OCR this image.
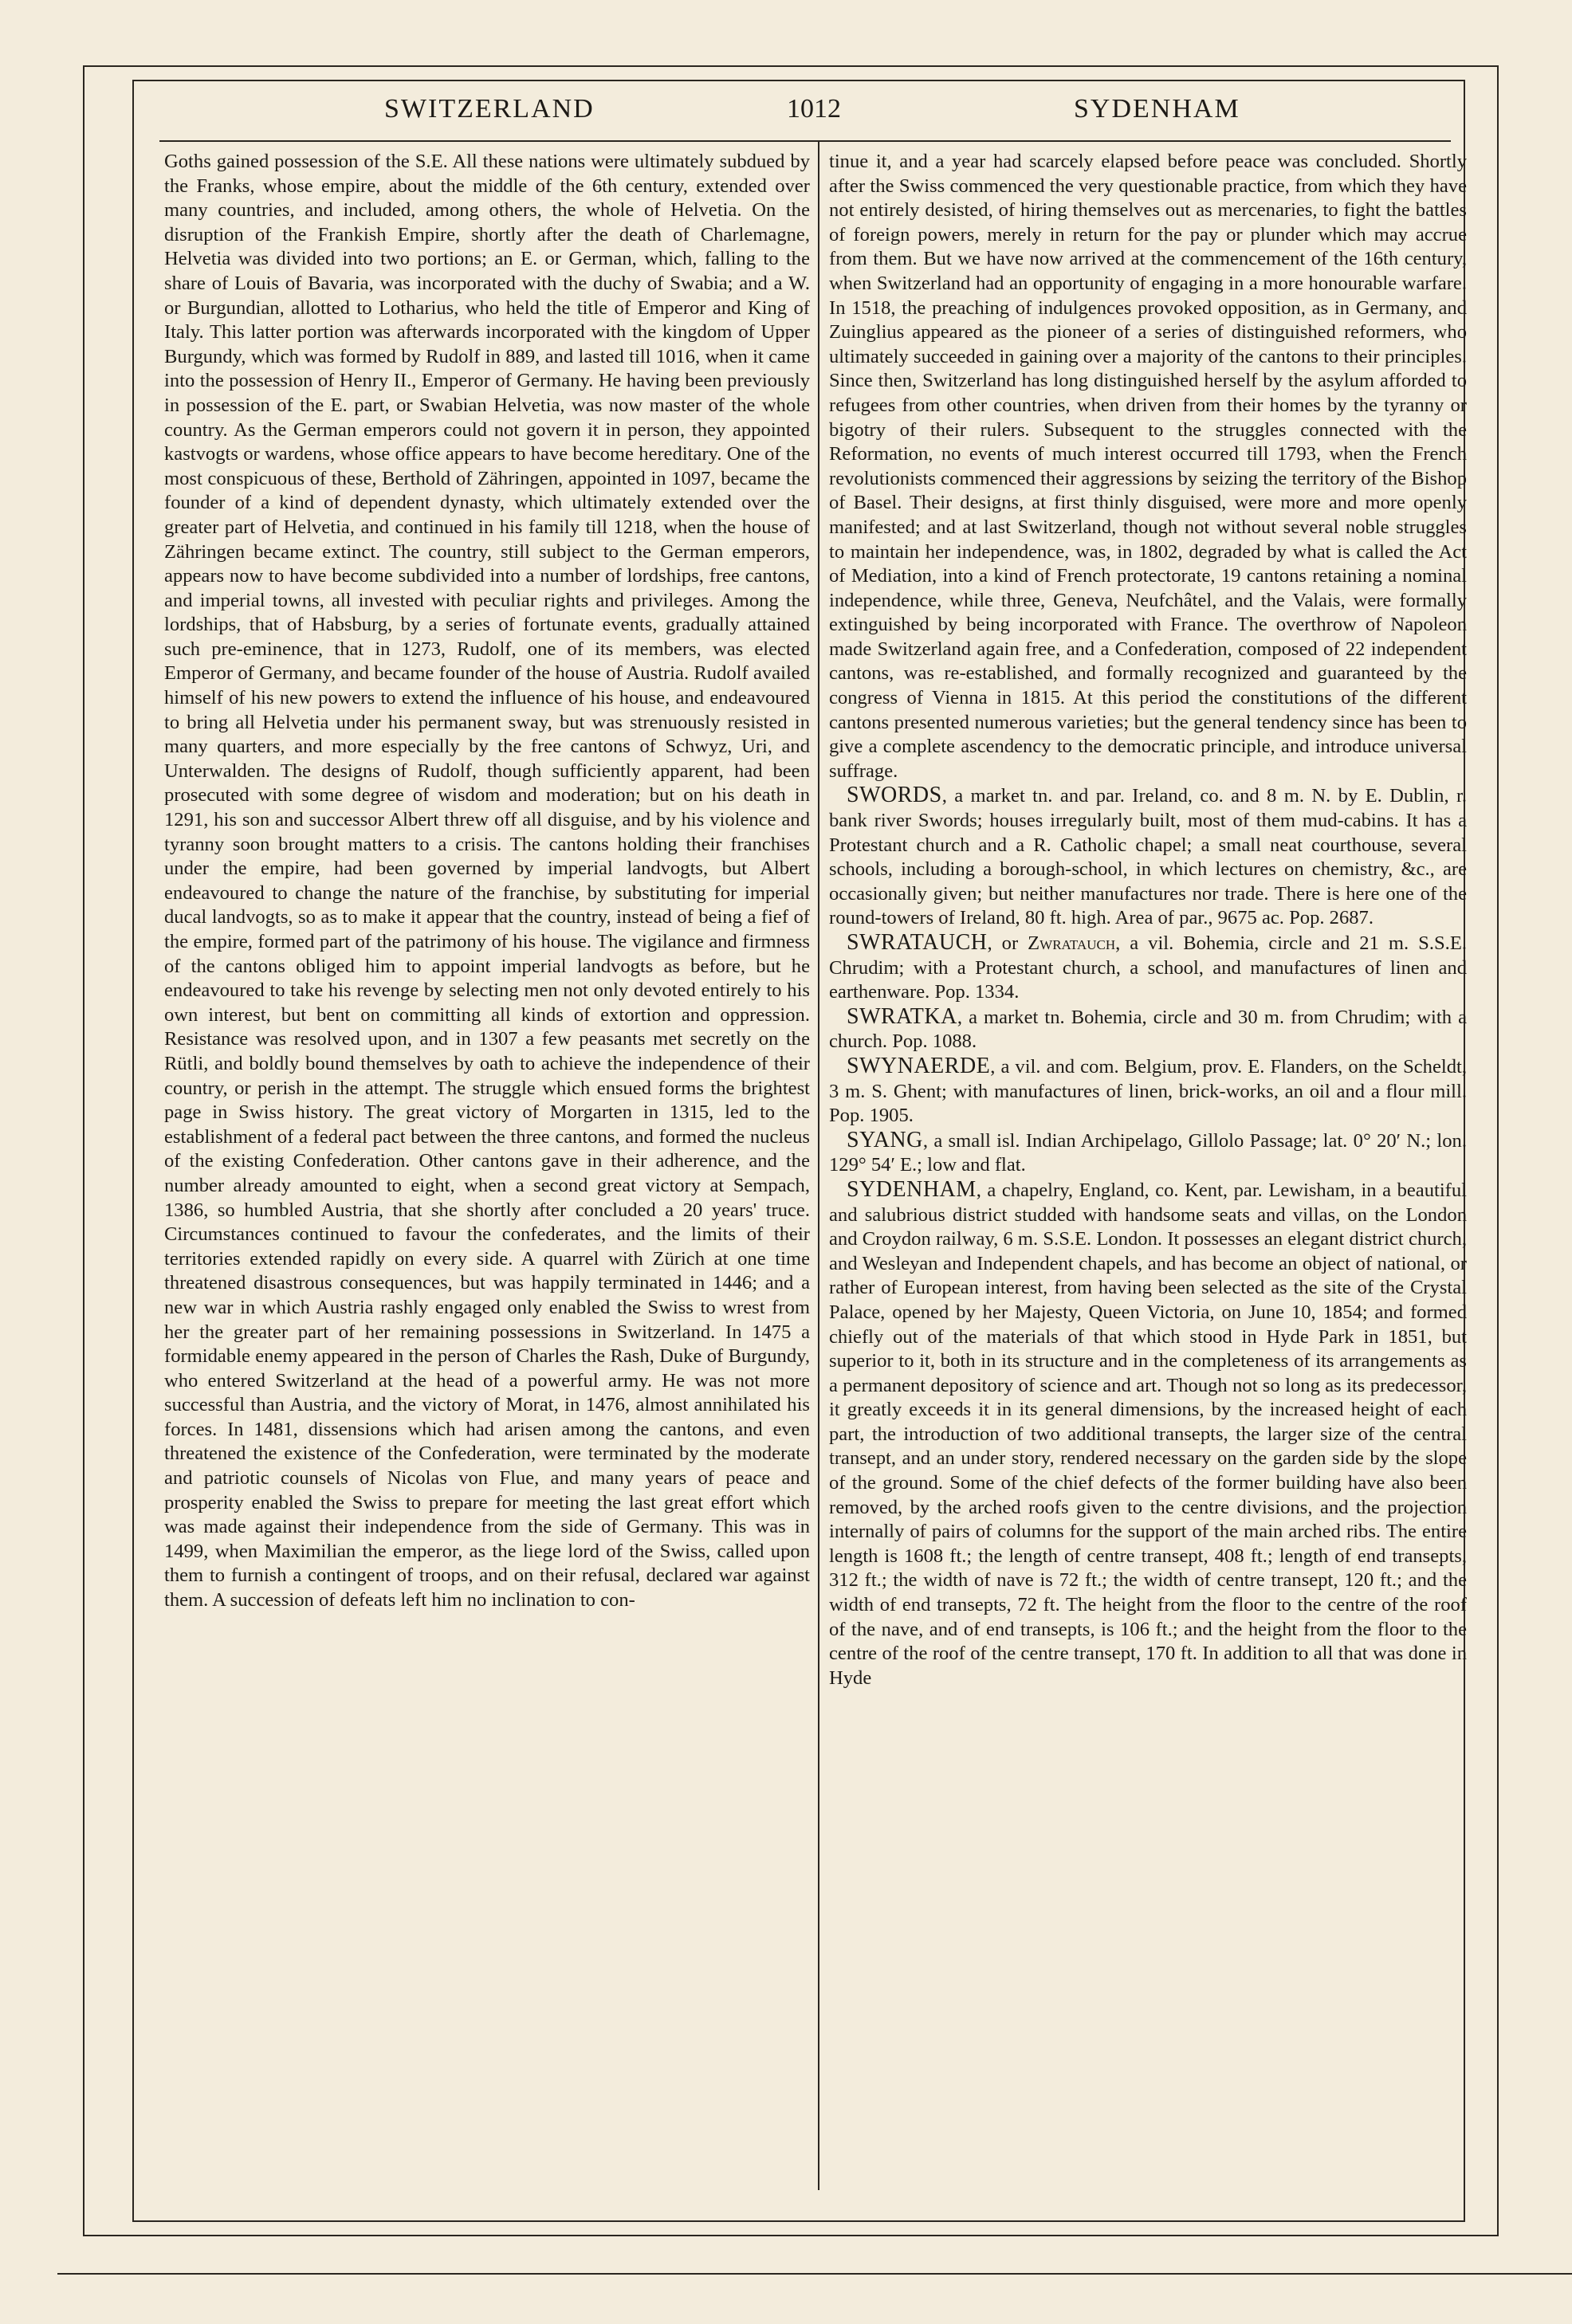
SWITZERLAND	1012	SYDENHAM

Goths gained possession of the S.E. All these nations were ultimately subdued by the Franks, whose empire, about the middle of the 6th century, extended over many countries, and included, among others, the whole of Helvetia. On the disruption of the Frankish Empire, shortly after the death of Charlemagne, Helvetia was divided into two portions; an E. or German, which, falling to the share of Louis of Bavaria, was incorporated with the duchy of Swabia; and a W. or Burgundian, allotted to Lotharius, who held the title of Emperor and King of Italy. This latter portion was afterwards incorporated with the kingdom of Upper Burgundy, which was formed by Rudolf in 889, and lasted till 1016, when it came into the possession of Henry II., Emperor of Germany. He having been previously in possession of the E. part, or Swabian Helvetia, was now master of the whole country. As the German emperors could not govern it in person, they appointed kastvogts or wardens, whose office appears to have become hereditary. One of the most conspicuous of these, Berthold of Zähringen, appointed in 1097, became the founder of a kind of dependent dynasty, which ultimately extended over the greater part of Helvetia, and continued in his family till 1218, when the house of Zähringen became extinct. The country, still subject to the German emperors, appears now to have become subdivided into a number of lordships, free cantons, and imperial towns, all invested with peculiar rights and privileges. Among the lordships, that of Habsburg, by a series of fortunate events, gradually attained such pre-eminence, that in 1273, Rudolf, one of its members, was elected Emperor of Germany, and became founder of the house of Austria. Rudolf availed himself of his new powers to extend the influence of his house, and endeavoured to bring all Helvetia under his permanent sway, but was strenuously resisted in many quarters, and more especially by the free cantons of Schwyz, Uri, and Unterwalden. The designs of Rudolf, though sufficiently apparent, had been prosecuted with some degree of wisdom and moderation; but on his death in 1291, his son and successor Albert threw off all disguise, and by his violence and tyranny soon brought matters to a crisis. The cantons holding their franchises under the empire, had been governed by imperial landvogts, but Albert endeavoured to change the nature of the franchise, by substituting for imperial ducal landvogts, so as to make it appear that the country, instead of being a fief of the empire, formed part of the patrimony of his house. The vigilance and firmness of the cantons obliged him to appoint imperial landvogts as before, but he endeavoured to take his revenge by selecting men not only devoted entirely to his own interest, but bent on committing all kinds of extortion and oppression. Resistance was resolved upon, and in 1307 a few peasants met secretly on the Rütli, and boldly bound themselves by oath to achieve the independence of their country, or perish in the attempt. The struggle which ensued forms the brightest page in Swiss history. The great victory of Morgarten in 1315, led to the establishment of a federal pact between the three cantons, and formed the nucleus of the existing Confederation. Other cantons gave in their adherence, and the number already amounted to eight, when a second great victory at Sempach, 1386, so humbled Austria, that she shortly after concluded a 20 years' truce. Circumstances continued to favour the confederates, and the limits of their territories extended rapidly on every side. A quarrel with Zürich at one time threatened disastrous consequences, but was happily terminated in 1446; and a new war in which Austria rashly engaged only enabled the Swiss to wrest from her the greater part of her remaining possessions in Switzerland. In 1475 a formidable enemy appeared in the person of Charles the Rash, Duke of Burgundy, who entered Switzerland at the head of a powerful army. He was not more successful than Austria, and the victory of Morat, in 1476, almost annihilated his forces. In 1481, dissensions which had arisen among the cantons, and even threatened the existence of the Confederation, were terminated by the moderate and patriotic counsels of Nicolas von Flue, and many years of peace and prosperity enabled the Swiss to prepare for meeting the last great effort which was made against their independence from the side of Germany. This was in 1499, when Maximilian the emperor, as the liege lord of the Swiss, called upon them to furnish a contingent of troops, and on their refusal, declared war against them. A succession of defeats left him no inclination to con-

tinue it, and a year had scarcely elapsed before peace was concluded. Shortly after the Swiss commenced the very questionable practice, from which they have not entirely desisted, of hiring themselves out as mercenaries, to fight the battles of foreign powers, merely in return for the pay or plunder which may accrue from them. But we have now arrived at the commencement of the 16th century, when Switzerland had an opportunity of engaging in a more honourable warfare. In 1518, the preaching of indulgences provoked opposition, as in Germany, and Zuinglius appeared as the pioneer of a series of distinguished reformers, who ultimately succeeded in gaining over a majority of the cantons to their principles. Since then, Switzerland has long distinguished herself by the asylum afforded to refugees from other countries, when driven from their homes by the tyranny or bigotry of their rulers. Subsequent to the struggles connected with the Reformation, no events of much interest occurred till 1793, when the French revolutionists commenced their aggressions by seizing the territory of the Bishop of Basel. Their designs, at first thinly disguised, were more and more openly manifested; and at last Switzerland, though not without several noble struggles to maintain her independence, was, in 1802, degraded by what is called the Act of Mediation, into a kind of French protectorate, 19 cantons retaining a nominal independence, while three, Geneva, Neufchâtel, and the Valais, were formally extinguished by being incorporated with France. The overthrow of Napoleon made Switzerland again free, and a Confederation, composed of 22 independent cantons, was re-established, and formally recognized and guaranteed by the congress of Vienna in 1815. At this period the constitutions of the different cantons presented numerous varieties; but the general tendency since has been to give a complete ascendency to the democratic principle, and introduce universal suffrage.

SWORDS, a market tn. and par. Ireland, co. and 8 m. N. by E. Dublin, r. bank river Swords; houses irregularly built, most of them mud-cabins. It has a Protestant church and a R. Catholic chapel; a small neat courthouse, several schools, including a borough-school, in which lectures on chemistry, &c., are occasionally given; but neither manufactures nor trade. There is here one of the round-towers of Ireland, 80 ft. high. Area of par., 9675 ac. Pop. 2687.

SWRATAUCH, or Zwratauch, a vil. Bohemia, circle and 21 m. S.S.E. Chrudim; with a Protestant church, a school, and manufactures of linen and earthenware. Pop. 1334.

SWRATKA, a market tn. Bohemia, circle and 30 m. from Chrudim; with a church. Pop. 1088.

SWYNAERDE, a vil. and com. Belgium, prov. E. Flanders, on the Scheldt, 3 m. S. Ghent; with manufactures of linen, brick-works, an oil and a flour mill. Pop. 1905.

SYANG, a small isl. Indian Archipelago, Gillolo Passage; lat. 0° 20′ N.; lon. 129° 54′ E.; low and flat.

SYDENHAM, a chapelry, England, co. Kent, par. Lewisham, in a beautiful and salubrious district studded with handsome seats and villas, on the London and Croydon railway, 6 m. S.S.E. London. It possesses an elegant district church, and Wesleyan and Independent chapels, and has become an object of national, or rather of European interest, from having been selected as the site of the Crystal Palace, opened by her Majesty, Queen Victoria, on June 10, 1854; and formed chiefly out of the materials of that which stood in Hyde Park in 1851, but superior to it, both in its structure and in the completeness of its arrangements as a permanent depository of science and art. Though not so long as its predecessor, it greatly exceeds it in its general dimensions, by the increased height of each part, the introduction of two additional transepts, the larger size of the central transept, and an under story, rendered necessary on the garden side by the slope of the ground. Some of the chief defects of the former building have also been removed, by the arched roofs given to the centre divisions, and the projection internally of pairs of columns for the support of the main arched ribs. The entire length is 1608 ft.; the length of centre transept, 408 ft.; length of end transepts, 312 ft.; the width of nave is 72 ft.; the width of centre transept, 120 ft.; and the width of end transepts, 72 ft. The height from the floor to the centre of the roof of the nave, and of end transepts, is 106 ft.; and the height from the floor to the centre of the roof of the centre transept, 170 ft. In addition to all that was done in Hyde
